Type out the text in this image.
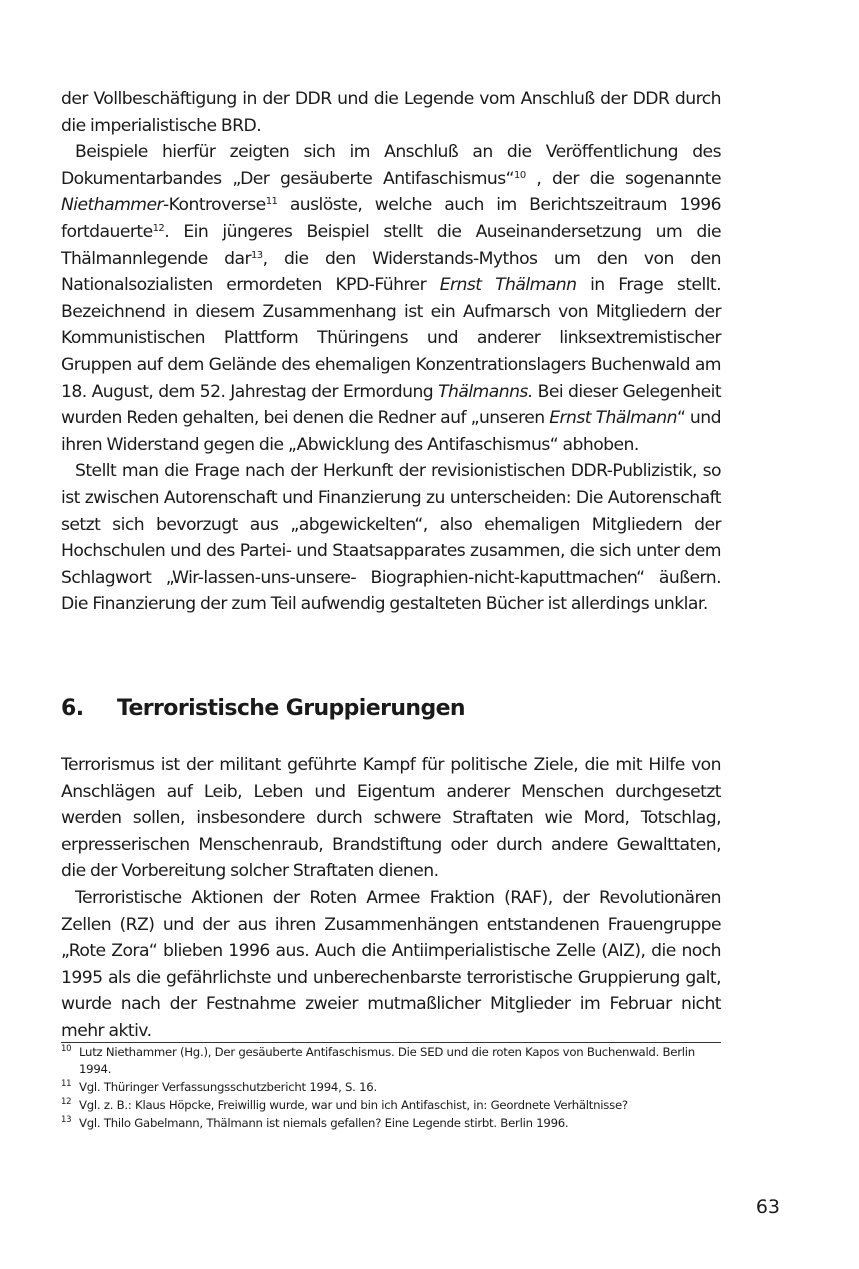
der Vollbeschäftigung in der DDR und die Legende vom Anschluß der DDR durch die imperialistische BRD.

Beispiele hierfür zeigten sich im Anschluß an die Veröffentlichung des Dokumentarbandes „Der gesäuberte Antifaschismus“$^{10}$ , der die sogenannte Niethammer-Kontroverse$^{11}$ auslöste, welche auch im Berichtszeitraum 1996 fortdauerte$^{12}$. Ein jüngeres Beispiel stellt die Auseinandersetzung um die Thälmannlegende dar$^{13}$, die den Widerstands-Mythos um den von den Nationalsozialisten ermordeten KPD-Führer Ernst Thälmann in Frage stellt. Bezeichnend in diesem Zusammenhang ist ein Aufmarsch von Mitgliedern der Kommunistischen Plattform Thüringens und anderer linksextremistischer Gruppen auf dem Gelände des ehemaligen Konzentrationslagers Buchenwald am 18. August, dem 52. Jahrestag der Ermordung Thälmanns. Bei dieser Gelegenheit wurden Reden gehalten, bei denen die Redner auf „unseren Ernst Thälmann“ und ihren Widerstand gegen die „Abwicklung des Antifaschismus“ abhoben.

Stellt man die Frage nach der Herkunft der revisionistischen DDR-Publizistik, so ist zwischen Autorenschaft und Finanzierung zu unterscheiden: Die Autorenschaft setzt sich bevorzugt aus „abgewickelten“, also ehemaligen Mitgliedern der Hochschulen und des Partei- und Staatsapparates zusammen, die sich unter dem Schlagwort „Wir-lassen-uns-unsere- Biographien-nicht-kaputtmachen“ äußern. Die Finanzierung der zum Teil aufwendig gestalteten Bücher ist allerdings unklar.

6. Terroristische Gruppierungen

Terrorismus ist der militant geführte Kampf für politische Ziele, die mit Hilfe von Anschlägen auf Leib, Leben und Eigentum anderer Menschen durchgesetzt werden sollen, insbesondere durch schwere Straftaten wie Mord, Totschlag, erpresserischen Menschenraub, Brandstiftung oder durch andere Gewalttaten, die der Vorbereitung solcher Straftaten dienen.

Terroristische Aktionen der Roten Armee Fraktion (RAF), der Revolutionären Zellen (RZ) und der aus ihren Zusammenhängen entstandenen Frauengruppe „Rote Zora“ blieben 1996 aus. Auch die Antiimperialistische Zelle (AIZ), die noch 1995 als die gefährlichste und unberechenbarste terroristische Gruppierung galt, wurde nach der Festnahme zweier mutmaßlicher Mitglieder im Februar nicht mehr aktiv.

10 Lutz Niethammer (Hg.), Der gesäuberte Antifaschismus. Die SED und die roten Kapos von Buchenwald. Berlin 1994.

11 Vgl. Thüringer Verfassungsschutzbericht 1994, S. 16.

12 Vgl. z. B.: Klaus Höpcke, Freiwillig wurde, war und bin ich Antifaschist, in: Geordnete Verhältnisse?

13 Vgl. Thilo Gabelmann, Thälmann ist niemals gefallen? Eine Legende stirbt. Berlin 1996.

63
